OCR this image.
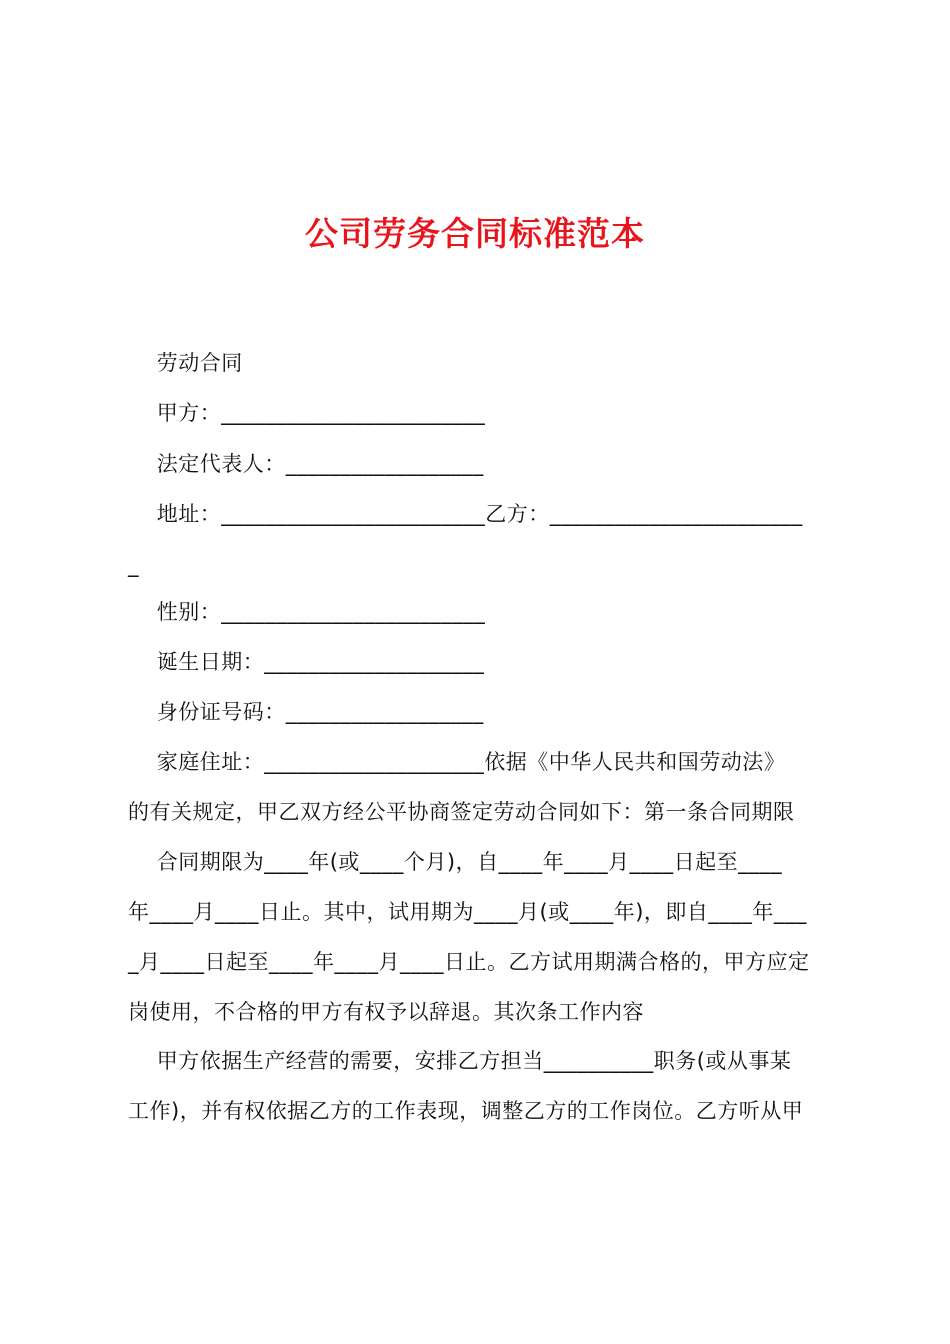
公司劳务合同标准范本
劳动合同
甲方：________________________
法定代表人：__________________
地址：________________________乙方：_______________________
_
性别：________________________
诞生日期：____________________
身份证号码：__________________
家庭住址：____________________依据《中华人民共和国劳动法》
的有关规定，甲乙双方经公平协商签定劳动合同如下：第一条合同期限
合同期限为____年(或____个月)，自____年____月____日起至____
年____月____日止。其中，试用期为____月(或____年)，即自____年___
_月____日起至____年____月____日止。乙方试用期满合格的，甲方应定
岗使用，不合格的甲方有权予以辞退。其次条工作内容
甲方依据生产经营的需要，安排乙方担当__________职务(或从事某
工作)，并有权依据乙方的工作表现，调整乙方的工作岗位。乙方听从甲
